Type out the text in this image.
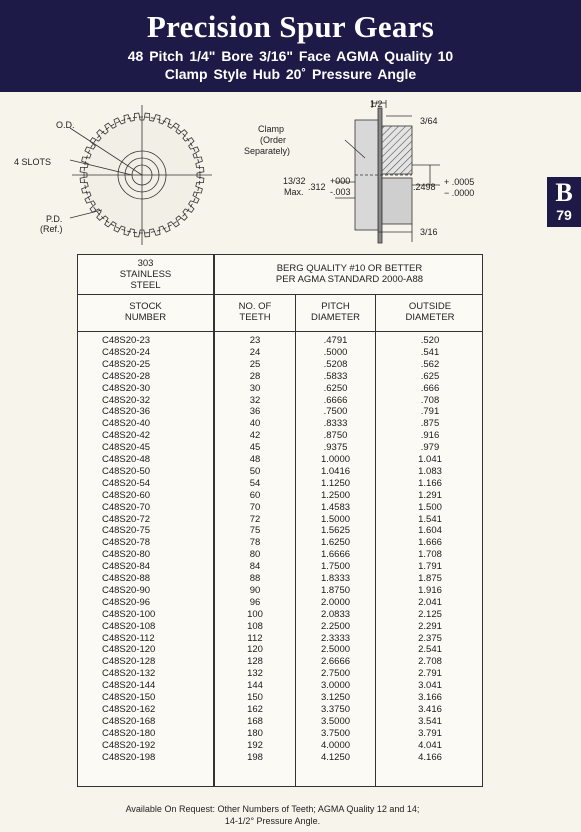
Precision Spur Gears
48 Pitch 1/4" Bore 3/16" Face AGMA Quality 10
Clamp Style Hub 20˚ Pressure Angle
B
79
O.D.
4 SLOTS
P.D.
(Ref.)
Clamp
(Order
Separately)
1/2
3/64
13/32
Max. .312
+000
-.003	.2498 + .0005
− .0000
3/16
303
STAINLESS
STEEL
BERG QUALITY #10 OR BETTER
PER AGMA STANDARD 2000-A88
STOCK
NUMBER
NO. OF
TEETH
PITCH
DIAMETER
OUTSIDE
DIAMETER
C48S20-23	23	.4791	.520
C48S20-24	24	.5000	.541
C48S20-25	25	.5208	.562
C48S20-28	28	.5833	.625
C48S20-30	30	.6250	.666
C48S20-32	32	.6666	.708
C48S20-36	36	.7500	.791
C48S20-40	40	.8333	.875
C48S20-42	42	.8750	.916
C48S20-45	45	.9375	.979
C48S20-48	48	1.0000	1.041
C48S20-50	50	1.0416	1.083
C48S20-54	54	1.1250	1.166
C48S20-60	60	1.2500	1.291
C48S20-70	70	1.4583	1.500
C48S20-72	72	1.5000	1.541
C48S20-75	75	1.5625	1.604
C48S20-78	78	1.6250	1.666
C48S20-80	80	1.6666	1.708
C48S20-84	84	1.7500	1.791
C48S20-88	88	1.8333	1.875
C48S20-90	90	1.8750	1.916
C48S20-96	96	2.0000	2.041
C48S20-100	100	2.0833	2.125
C48S20-108	108	2.2500	2.291
C48S20-112	112	2.3333	2.375
C48S20-120	120	2.5000	2.541
C48S20-128	128	2.6666	2.708
C48S20-132	132	2.7500	2.791
C48S20-144	144	3.0000	3.041
C48S20-150	150	3.1250	3.166
C48S20-162	162	3.3750	3.416
C48S20-168	168	3.5000	3.541
C48S20-180	180	3.7500	3.791
C48S20-192	192	4.0000	4.041
C48S20-198	198	4.1250	4.166
Available On Request: Other Numbers of Teeth; AGMA Quality 12 and 14;
14-1/2° Pressure Angle.
